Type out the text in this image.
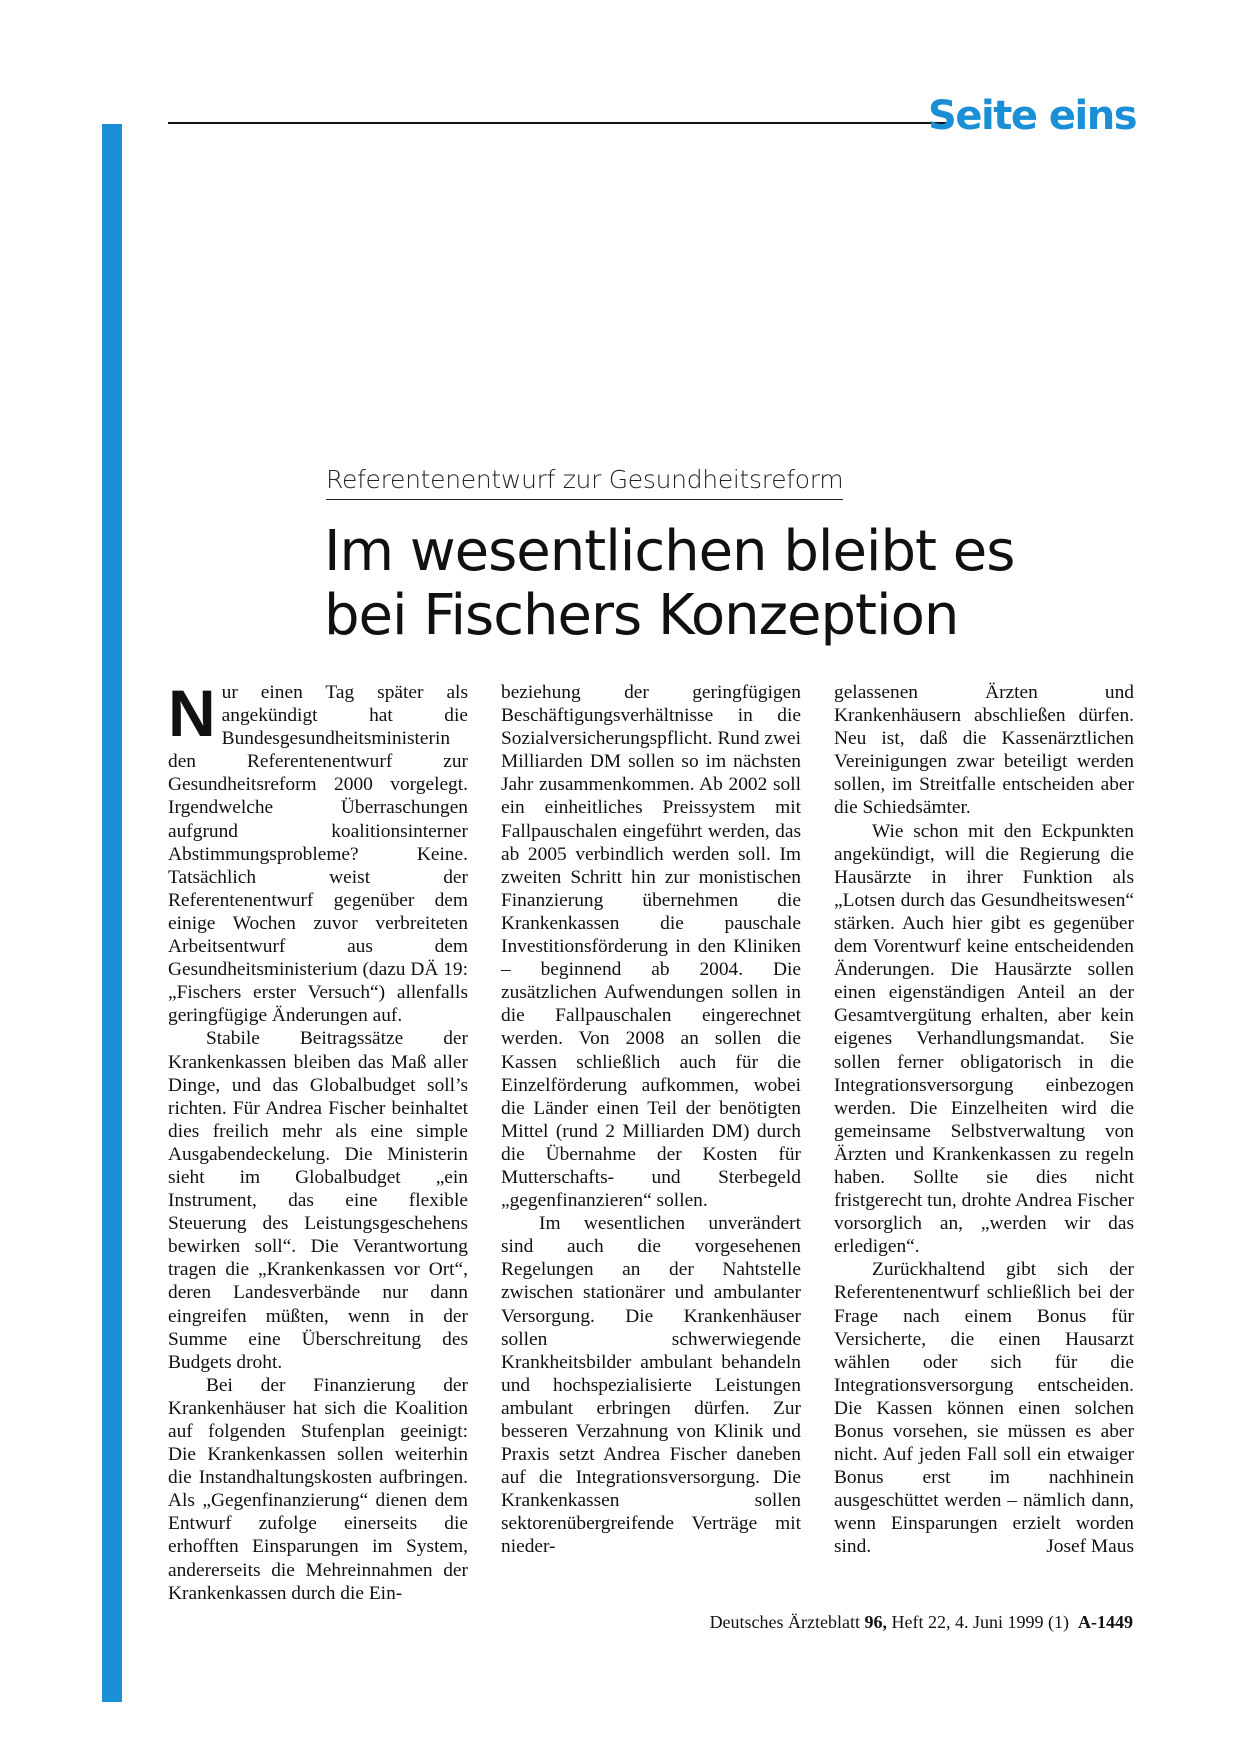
Seite eins
Referentenentwurf zur Gesundheitsreform
Im wesentlichen bleibt es
bei Fischers Konzeption

Nur einen Tag später als angekündigt hat die Bundesgesundheitsministerin den Referentenentwurf zur Gesundheitsreform 2000 vorgelegt. Irgendwelche Überraschungen aufgrund koalitionsinterner Abstimmungsprobleme? Keine. Tatsächlich weist der Referentenentwurf gegenüber dem einige Wochen zuvor verbreiteten Arbeitsentwurf aus dem Gesundheitsministerium (dazu DÄ 19: „Fischers erster Versuch“) allenfalls geringfügige Änderungen auf.

Stabile Beitragssätze der Krankenkassen bleiben das Maß aller Dinge, und das Globalbudget soll’s richten. Für Andrea Fischer beinhaltet dies freilich mehr als eine simple Ausgabendeckelung. Die Ministerin sieht im Globalbudget „ein Instrument, das eine flexible Steuerung des Leistungsgeschehens bewirken soll“. Die Verantwortung tragen die „Krankenkassen vor Ort“, deren Landesverbände nur dann eingreifen müßten, wenn in der Summe eine Überschreitung des Budgets droht.

Bei der Finanzierung der Krankenhäuser hat sich die Koalition auf folgenden Stufenplan geeinigt: Die Krankenkassen sollen weiterhin die Instandhaltungskosten aufbringen. Als „Gegenfinanzierung“ dienen dem Entwurf zufolge einerseits die erhofften Einsparungen im System, andererseits die Mehreinnahmen der Krankenkassen durch die Ein-

beziehung der geringfügigen Beschäftigungsverhältnisse in die Sozialversicherungspflicht. Rund zwei Milliarden DM sollen so im nächsten Jahr zusammenkommen. Ab 2002 soll ein einheitliches Preissystem mit Fallpauschalen eingeführt werden, das ab 2005 verbindlich werden soll. Im zweiten Schritt hin zur monistischen Finanzierung übernehmen die Krankenkassen die pauschale Investitionsförderung in den Kliniken – beginnend ab 2004. Die zusätzlichen Aufwendungen sollen in die Fallpauschalen eingerechnet werden. Von 2008 an sollen die Kassen schließlich auch für die Einzelförderung aufkommen, wobei die Länder einen Teil der benötigten Mittel (rund 2 Milliarden DM) durch die Übernahme der Kosten für Mutterschafts- und Sterbegeld „gegenfinanzieren“ sollen.

Im wesentlichen unverändert sind auch die vorgesehenen Regelungen an der Nahtstelle zwischen stationärer und ambulanter Versorgung. Die Krankenhäuser sollen schwerwiegende Krankheitsbilder ambulant behandeln und hochspezialisierte Leistungen ambulant erbringen dürfen. Zur besseren Verzahnung von Klinik und Praxis setzt Andrea Fischer daneben auf die Integrationsversorgung. Die Krankenkassen sollen sektorenübergreifende Verträge mit nieder-

gelassenen Ärzten und Krankenhäusern abschließen dürfen. Neu ist, daß die Kassenärztlichen Vereinigungen zwar beteiligt werden sollen, im Streitfalle entscheiden aber die Schiedsämter.

Wie schon mit den Eckpunkten angekündigt, will die Regierung die Hausärzte in ihrer Funktion als „Lotsen durch das Gesundheitswesen“ stärken. Auch hier gibt es gegenüber dem Vorentwurf keine entscheidenden Änderungen. Die Hausärzte sollen einen eigenständigen Anteil an der Gesamtvergütung erhalten, aber kein eigenes Verhandlungsmandat. Sie sollen ferner obligatorisch in die Integrationsversorgung einbezogen werden. Die Einzelheiten wird die gemeinsame Selbstverwaltung von Ärzten und Krankenkassen zu regeln haben. Sollte sie dies nicht fristgerecht tun, drohte Andrea Fischer vorsorglich an, „werden wir das erledigen“.

Zurückhaltend gibt sich der Referentenentwurf schließlich bei der Frage nach einem Bonus für Versicherte, die einen Hausarzt wählen oder sich für die Integrationsversorgung entscheiden. Die Kassen können einen solchen Bonus vorsehen, sie müssen es aber nicht. Auf jeden Fall soll ein etwaiger Bonus erst im nachhinein ausgeschüttet werden – nämlich dann, wenn Einsparungen erzielt worden sind.	Josef Maus

Deutsches Ärzteblatt 96, Heft 22, 4. Juni 1999 (1) A-1449
